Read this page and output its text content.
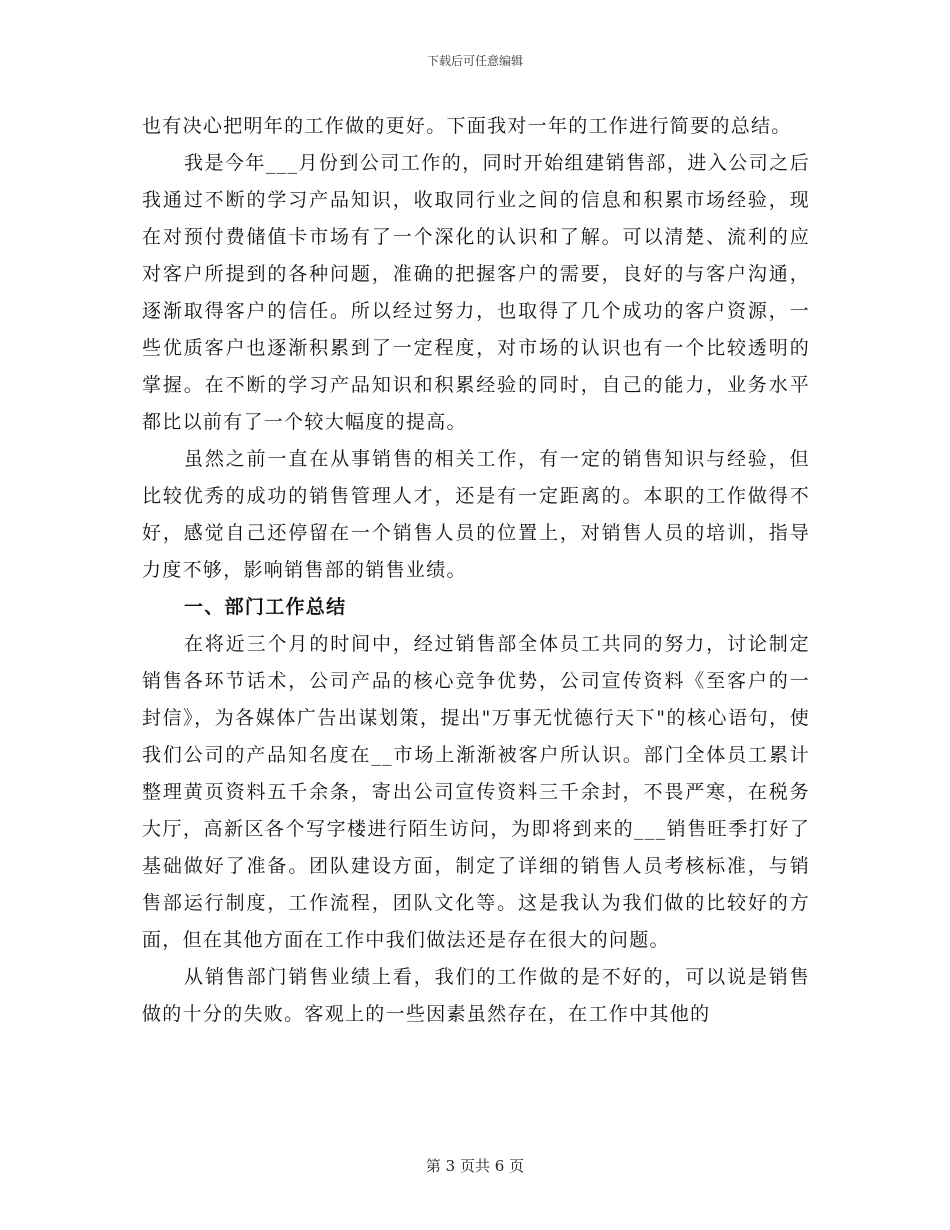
下载后可任意编辑

也有决心把明年的工作做的更好。下面我对一年的工作进行简要的总结。

我是今年___月份到公司工作的，同时开始组建销售部，进入公司之后我通过不断的学习产品知识，收取同行业之间的信息和积累市场经验，现在对预付费储值卡市场有了一个深化的认识和了解。可以清楚、流利的应对客户所提到的各种问题，准确的把握客户的需要，良好的与客户沟通，逐渐取得客户的信任。所以经过努力，也取得了几个成功的客户资源，一些优质客户也逐渐积累到了一定程度，对市场的认识也有一个比较透明的掌握。在不断的学习产品知识和积累经验的同时，自己的能力，业务水平都比以前有了一个较大幅度的提高。

虽然之前一直在从事销售的相关工作，有一定的销售知识与经验，但比较优秀的成功的销售管理人才，还是有一定距离的。本职的工作做得不好，感觉自己还停留在一个销售人员的位置上，对销售人员的培训，指导力度不够，影响销售部的销售业绩。

一、部门工作总结

在将近三个月的时间中，经过销售部全体员工共同的努力，讨论制定销售各环节话术，公司产品的核心竞争优势，公司宣传资料《至客户的一封信》，为各媒体广告出谋划策，提出"万事无忧德行天下"的核心语句，使我们公司的产品知名度在__市场上渐渐被客户所认识。部门全体员工累计整理黄页资料五千余条，寄出公司宣传资料三千余封，不畏严寒，在税务大厅，高新区各个写字楼进行陌生访问，为即将到来的___销售旺季打好了基础做好了准备。团队建设方面，制定了详细的销售人员考核标准，与销售部运行制度，工作流程，团队文化等。这是我认为我们做的比较好的方面，但在其他方面在工作中我们做法还是存在很大的问题。

从销售部门销售业绩上看，我们的工作做的是不好的，可以说是销售做的十分的失败。客观上的一些因素虽然存在，在工作中其他的

第 3 页共 6 页
